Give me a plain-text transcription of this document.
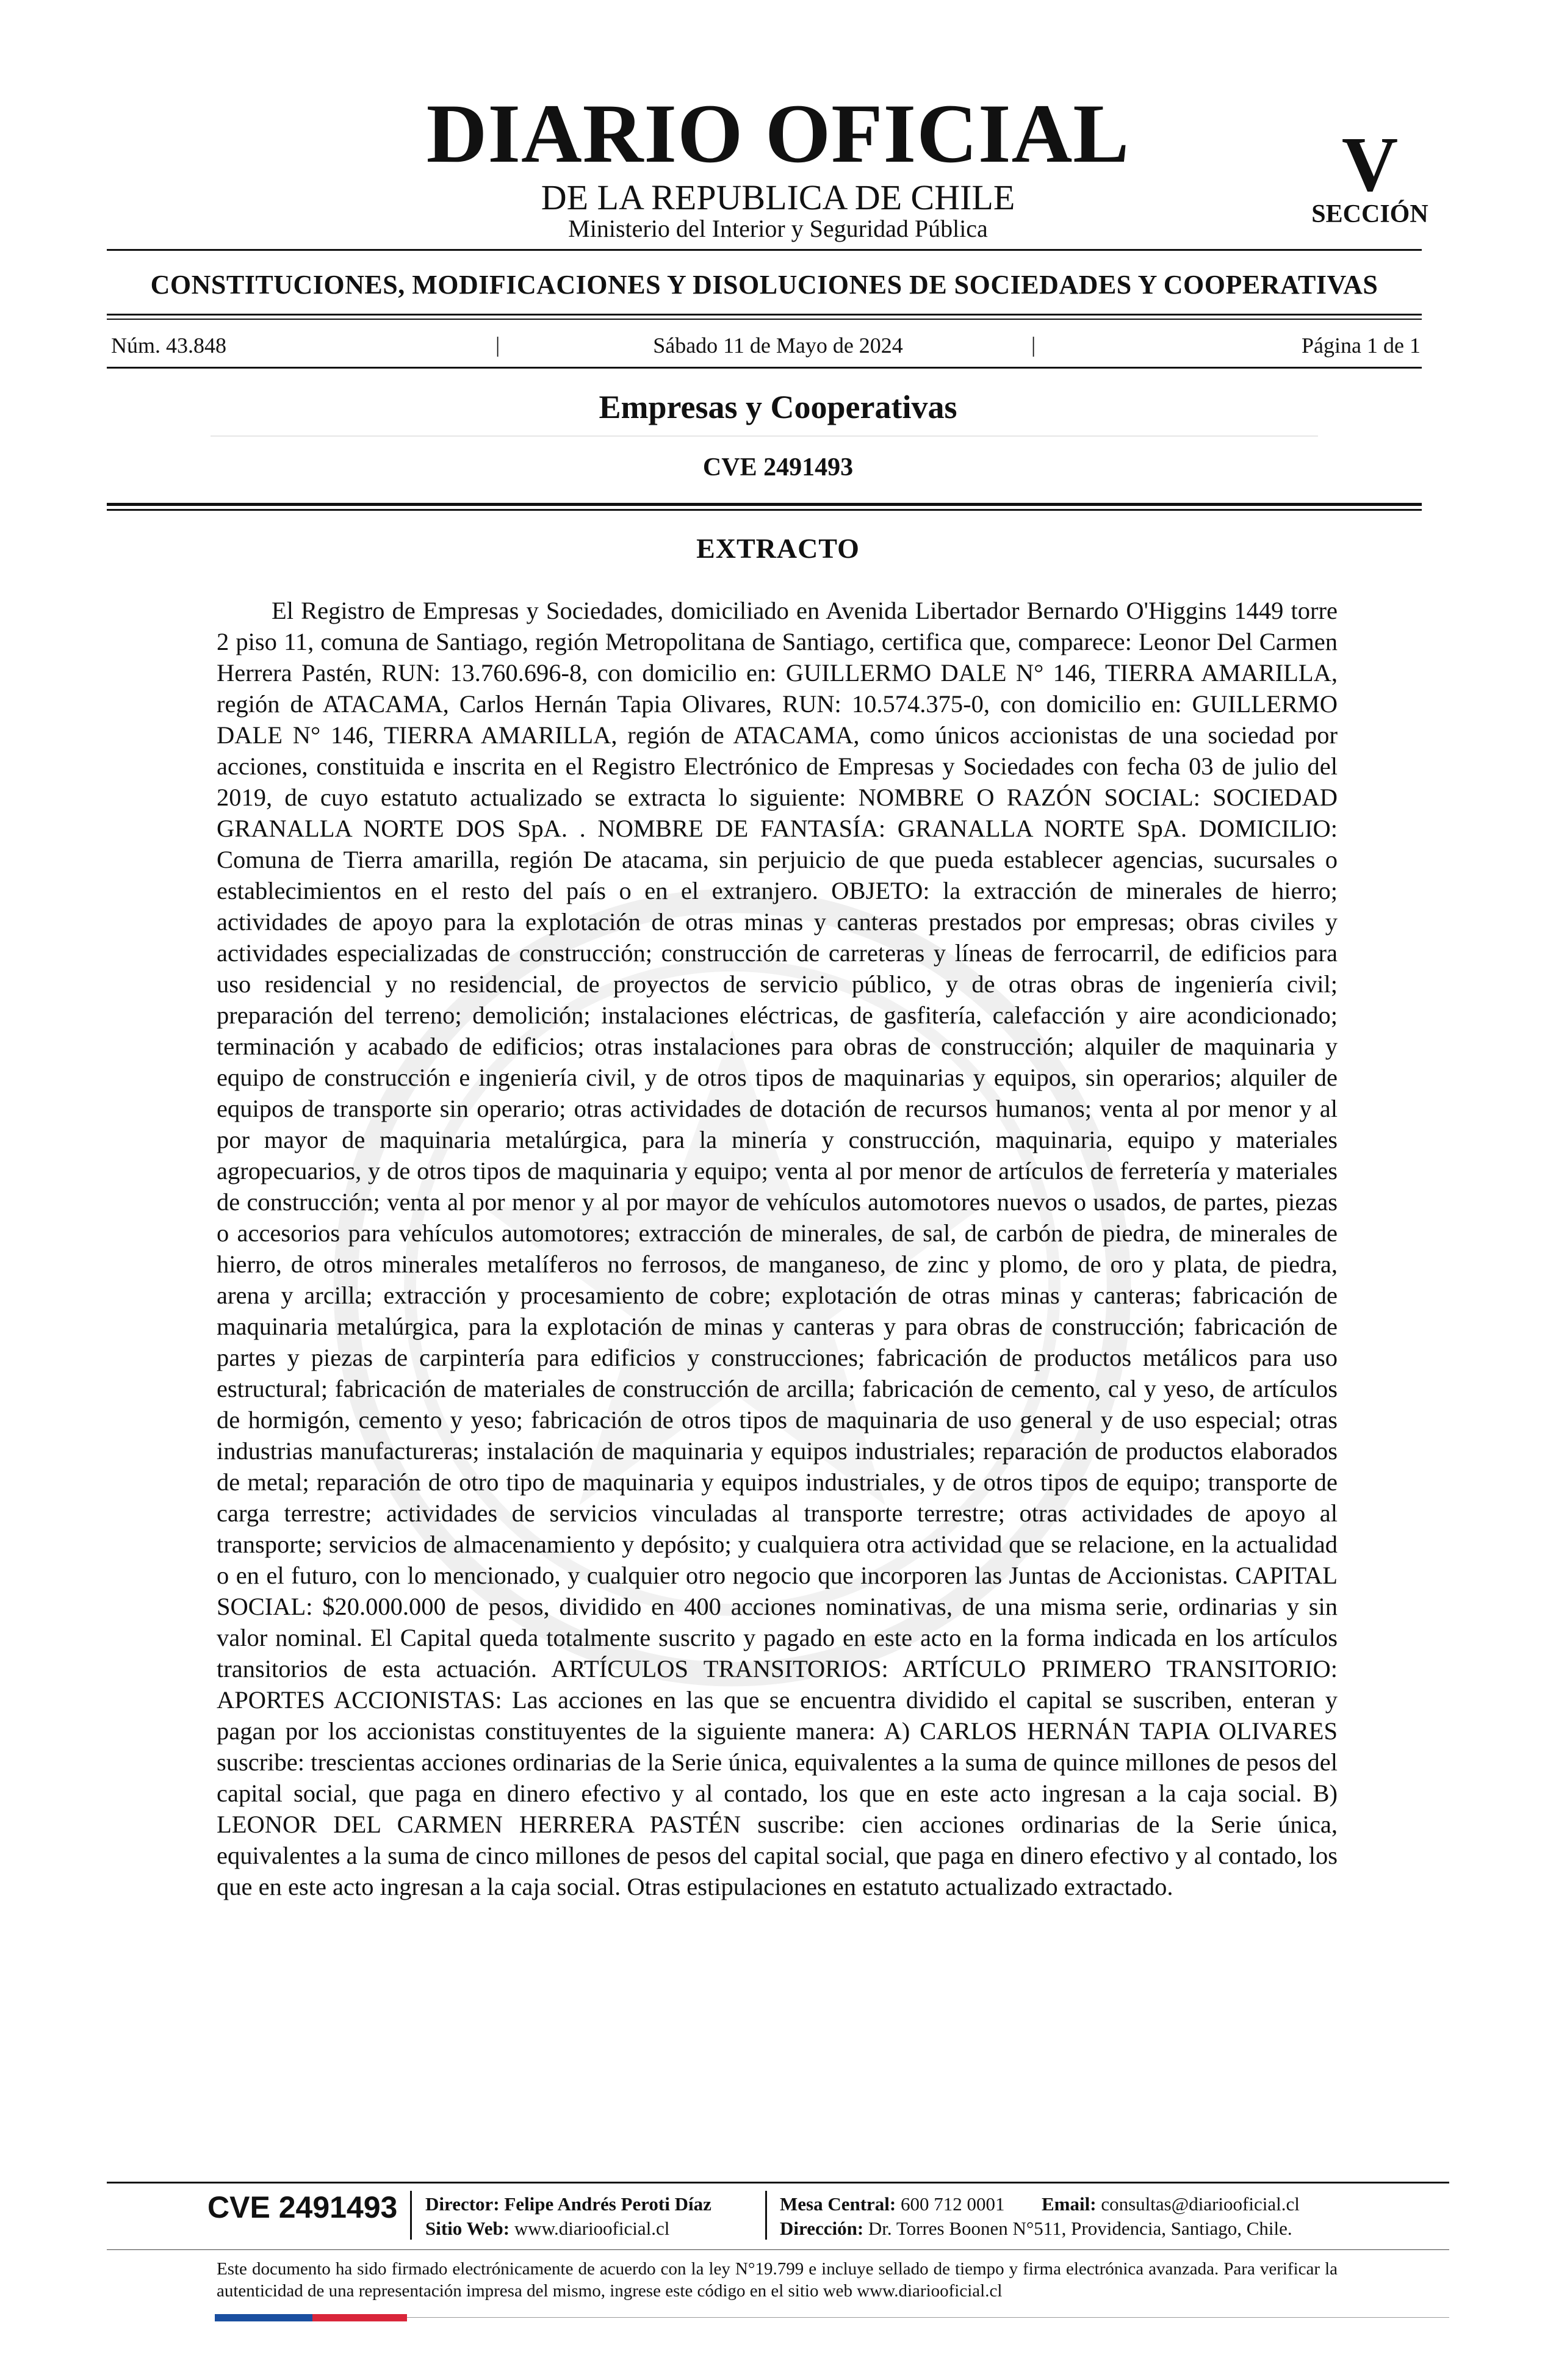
DIARIO OFICIAL
DE LA REPUBLICA DE CHILE
Ministerio del Interior y Seguridad Pública
V
SECCIÓN
CONSTITUCIONES, MODIFICACIONES Y DISOLUCIONES DE SOCIEDADES Y COOPERATIVAS
Núm. 43.848	|	Sábado 11 de Mayo de 2024	|	Página 1 de 1
Empresas y Cooperativas
CVE 2491493
EXTRACTO

El Registro de Empresas y Sociedades, domiciliado en Avenida Libertador Bernardo O'Higgins 1449 torre 2 piso 11, comuna de Santiago, región Metropolitana de Santiago, certifica que, comparece: Leonor Del Carmen Herrera Pastén, RUN: 13.760.696-8, con domicilio en: GUILLERMO DALE N° 146, TIERRA AMARILLA, región de ATACAMA, Carlos Hernán Tapia Olivares, RUN: 10.574.375-0, con domicilio en: GUILLERMO DALE N° 146, TIERRA AMARILLA, región de ATACAMA, como únicos accionistas de una sociedad por acciones, constituida e inscrita en el Registro Electrónico de Empresas y Sociedades con fecha 03 de julio del 2019, de cuyo estatuto actualizado se extracta lo siguiente: NOMBRE O RAZÓN SOCIAL: SOCIEDAD GRANALLA NORTE DOS SpA. . NOMBRE DE FANTASÍA: GRANALLA NORTE SpA. DOMICILIO: Comuna de Tierra amarilla, región De atacama, sin perjuicio de que pueda establecer agencias, sucursales o establecimientos en el resto del país o en el extranjero. OBJETO: la extracción de minerales de hierro; actividades de apoyo para la explotación de otras minas y canteras prestados por empresas; obras civiles y actividades especializadas de construcción; construcción de carreteras y líneas de ferrocarril, de edificios para uso residencial y no residencial, de proyectos de servicio público, y de otras obras de ingeniería civil; preparación del terreno; demolición; instalaciones eléctricas, de gasfitería, calefacción y aire acondicionado; terminación y acabado de edificios; otras instalaciones para obras de construcción; alquiler de maquinaria y equipo de construcción e ingeniería civil, y de otros tipos de maquinarias y equipos, sin operarios; alquiler de equipos de transporte sin operario; otras actividades de dotación de recursos humanos; venta al por menor y al por mayor de maquinaria metalúrgica, para la minería y construcción, maquinaria, equipo y materiales agropecuarios, y de otros tipos de maquinaria y equipo; venta al por menor de artículos de ferretería y materiales de construcción; venta al por menor y al por mayor de vehículos automotores nuevos o usados, de partes, piezas o accesorios para vehículos automotores; extracción de minerales, de sal, de carbón de piedra, de minerales de hierro, de otros minerales metalíferos no ferrosos, de manganeso, de zinc y plomo, de oro y plata, de piedra, arena y arcilla; extracción y procesamiento de cobre; explotación de otras minas y canteras; fabricación de maquinaria metalúrgica, para la explotación de minas y canteras y para obras de construcción; fabricación de partes y piezas de carpintería para edificios y construcciones; fabricación de productos metálicos para uso estructural; fabricación de materiales de construcción de arcilla; fabricación de cemento, cal y yeso, de artículos de hormigón, cemento y yeso; fabricación de otros tipos de maquinaria de uso general y de uso especial; otras industrias manufactureras; instalación de maquinaria y equipos industriales; reparación de productos elaborados de metal; reparación de otro tipo de maquinaria y equipos industriales, y de otros tipos de equipo; transporte de carga terrestre; actividades de servicios vinculadas al transporte terrestre; otras actividades de apoyo al transporte; servicios de almacenamiento y depósito; y cualquiera otra actividad que se relacione, en la actualidad o en el futuro, con lo mencionado, y cualquier otro negocio que incorporen las Juntas de Accionistas. CAPITAL SOCIAL: $20.000.000 de pesos, dividido en 400 acciones nominativas, de una misma serie, ordinarias y sin valor nominal. El Capital queda totalmente suscrito y pagado en este acto en la forma indicada en los artículos transitorios de esta actuación. ARTÍCULOS TRANSITORIOS: ARTÍCULO PRIMERO TRANSITORIO: APORTES ACCIONISTAS: Las acciones en las que se encuentra dividido el capital se suscriben, enteran y pagan por los accionistas constituyentes de la siguiente manera: A) CARLOS HERNÁN TAPIA OLIVARES suscribe: trescientas acciones ordinarias de la Serie única, equivalentes a la suma de quince millones de pesos del capital social, que paga en dinero efectivo y al contado, los que en este acto ingresan a la caja social. B) LEONOR DEL CARMEN HERRERA PASTÉN suscribe: cien acciones ordinarias de la Serie única, equivalentes a la suma de cinco millones de pesos del capital social, que paga en dinero efectivo y al contado, los que en este acto ingresan a la caja social. Otras estipulaciones en estatuto actualizado extractado.

CVE 2491493 Director: Felipe Andrés Peroti Díaz
Sitio Web: www.diariooficial.cl
Mesa Central: 600 712 0001 Email: consultas@diariooficial.cl
Dirección: Dr. Torres Boonen N°511, Providencia, Santiago, Chile.

Este documento ha sido firmado electrónicamente de acuerdo con la ley N°19.799 e incluye sellado de tiempo y firma electrónica avanzada. Para verificar la autenticidad de una representación impresa del mismo, ingrese este código en el sitio web www.diariooficial.cl
